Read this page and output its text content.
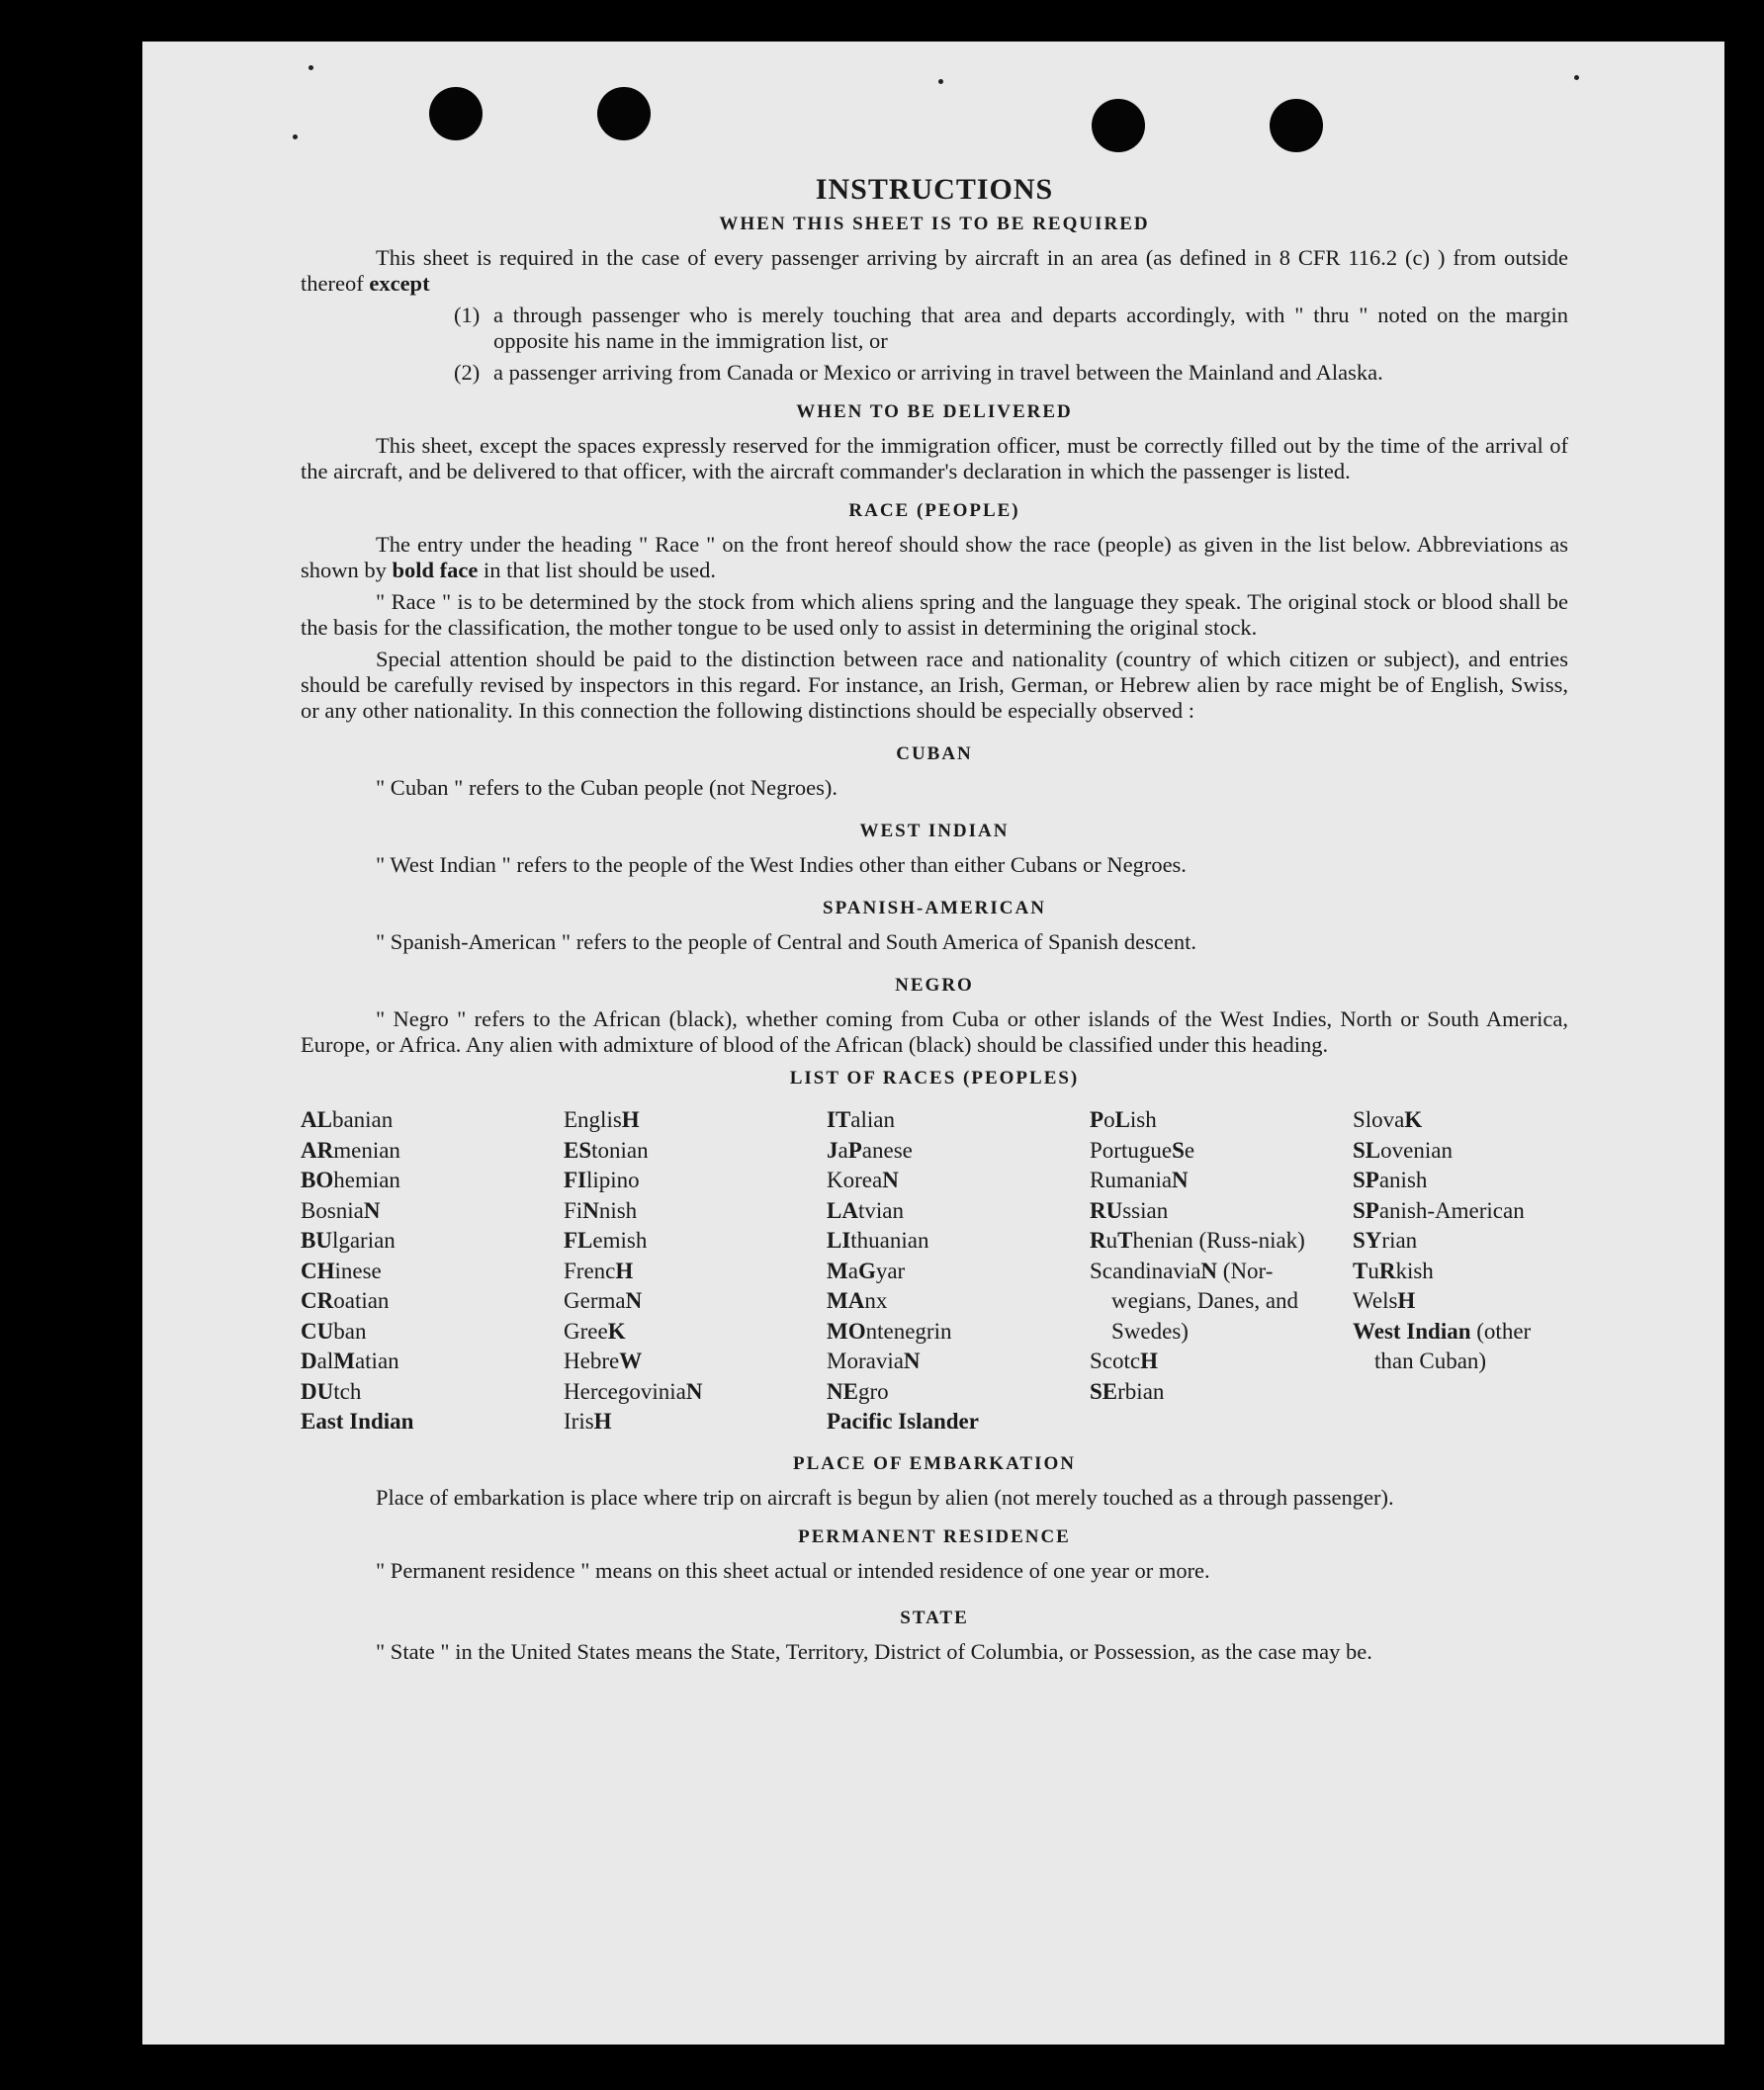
INSTRUCTIONS
WHEN THIS SHEET IS TO BE REQUIRED

This sheet is required in the case of every passenger arriving by aircraft in an area (as defined in 8 CFR 116.2 (c) ) from outside thereof except

(1) a through passenger who is merely touching that area and departs accordingly, with " thru " noted on the margin opposite his name in the immigration list, or
(2) a passenger arriving from Canada or Mexico or arriving in travel between the Mainland and Alaska.
WHEN TO BE DELIVERED

This sheet, except the spaces expressly reserved for the immigration officer, must be correctly filled out by the time of the arrival of the aircraft, and be delivered to that officer, with the aircraft commander's declaration in which the passenger is listed.

RACE (PEOPLE)

The entry under the heading " Race " on the front hereof should show the race (people) as given in the list below. Abbreviations as shown by bold face in that list should be used.

" Race " is to be determined by the stock from which aliens spring and the language they speak. The original stock or blood shall be the basis for the classification, the mother tongue to be used only to assist in determining the original stock.

Special attention should be paid to the distinction between race and nationality (country of which citizen or subject), and entries should be carefully revised by inspectors in this regard. For instance, an Irish, German, or Hebrew alien by race might be of English, Swiss, or any other nationality. In this connection the following distinctions should be especially observed :

CUBAN

" Cuban " refers to the Cuban people (not Negroes).

WEST INDIAN

" West Indian " refers to the people of the West Indies other than either Cubans or Negroes.

SPANISH-AMERICAN

" Spanish-American " refers to the people of Central and South America of Spanish descent.

NEGRO

" Negro " refers to the African (black), whether coming from Cuba or other islands of the West Indies, North or South America, Europe, or Africa. Any alien with admixture of blood of the African (black) should be classified under this heading.

LIST OF RACES (PEOPLES)
ALbanian
ARmenian
BOhemian
BosniaN
BUlgarian
CHinese
CRoatian
CUban
DalMatian
DUtch
East Indian
EnglisH
EStonian
FIlipino
FiNnish
FLemish
FrencH
GermaN
GreeK
HebreW
HercegoviniaN
IrisH
ITalian
JaPanese
KoreaN
LAtvian
LIthuanian
MaGyar
MAnx
MOntenegrin
MoraviaN
NEgro
Pacific Islander
PoLish
PortugueSe
RumaniaN
RUssian
RuThenian (Russ-niak)
ScandinaviaN (Nor-wegians, Danes, and Swedes)
ScotcH
SErbian
SlovaK
SLovenian
SPanish
SPanish-American
SYrian
TuRkish
WelsH
West Indian (other than Cuban)
PLACE OF EMBARKATION

Place of embarkation is place where trip on aircraft is begun by alien (not merely touched as a through passenger).

PERMANENT RESIDENCE

" Permanent residence " means on this sheet actual or intended residence of one year or more.

STATE

" State " in the United States means the State, Territory, District of Columbia, or Possession, as the case may be.
